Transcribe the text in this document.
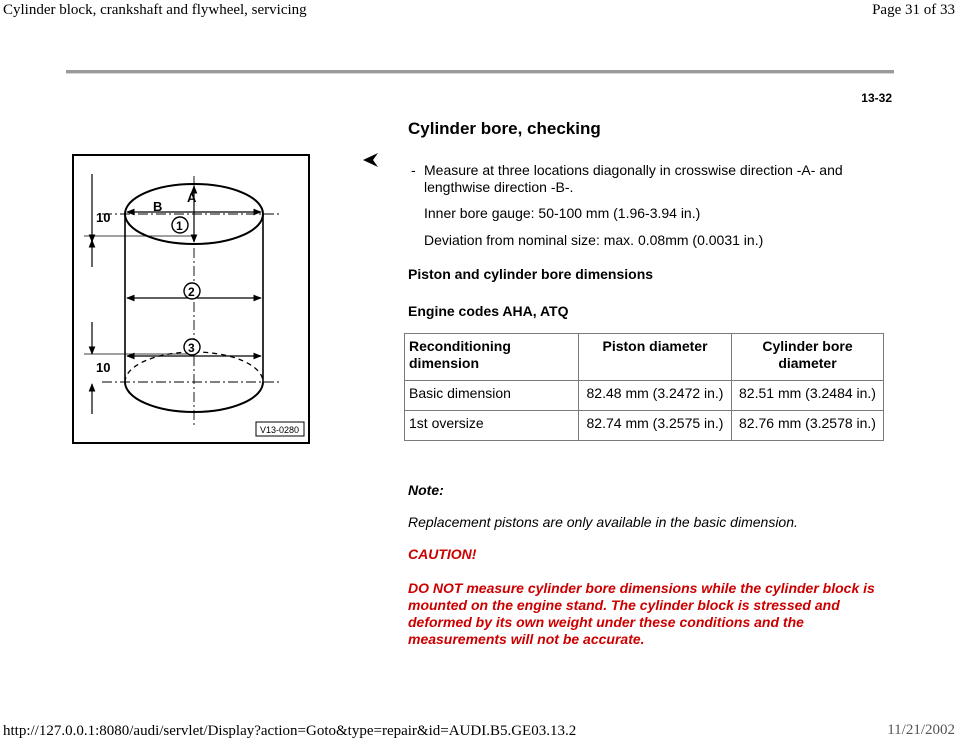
Cylinder block, crankshaft and flywheel, servicing	Page 31 of 33
13-32
Cylinder bore, checking
A
B
10
10
1
2
3
V13-0280
- Measure at three locations diagonally in crosswise direction -A- and lengthwise direction -B-.
Inner bore gauge: 50-100 mm (1.96-3.94 in.)
Deviation from nominal size: max. 0.08mm (0.0031 in.)
Piston and cylinder bore dimensions
Engine codes AHA, ATQ
Reconditioning dimension	Piston diameter	Cylinder bore diameter
Basic dimension	82.48 mm (3.2472 in.)	82.51 mm (3.2484 in.)
1st oversize	82.74 mm (3.2575 in.)	82.76 mm (3.2578 in.)
Note:
Replacement pistons are only available in the basic dimension.
CAUTION!
DO NOT measure cylinder bore dimensions while the cylinder block is mounted on the engine stand. The cylinder block is stressed and deformed by its own weight under these conditions and the measurements will not be accurate.
http://127.0.0.1:8080/audi/servlet/Display?action=Goto&type=repair&id=AUDI.B5.GE03.13.2	11/21/2002
